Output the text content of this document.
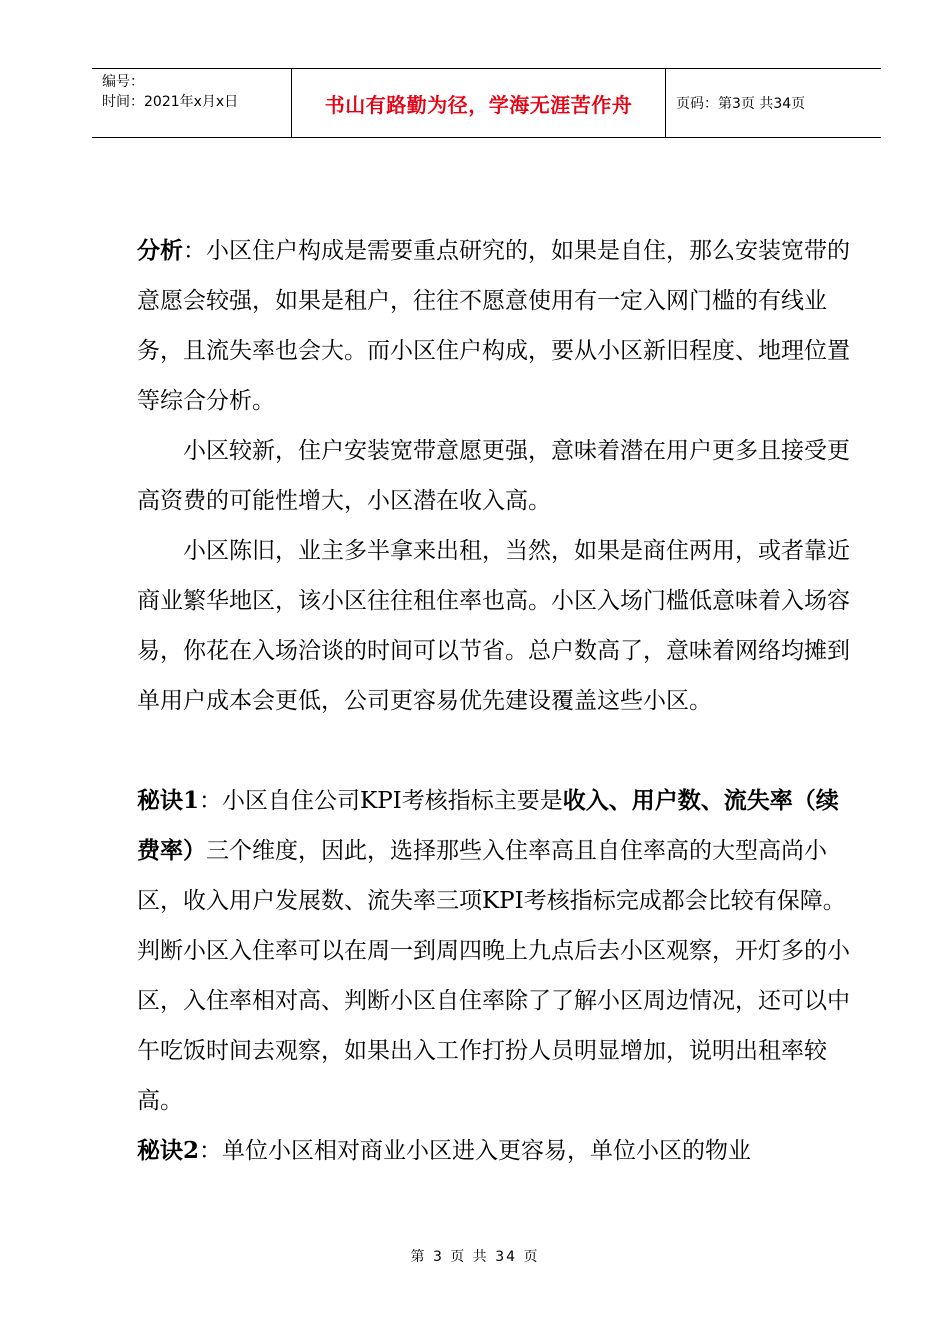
编号：
时间：2021年x月x日	书山有路勤为径，学海无涯苦作舟	页码：第3页 共34页

分析：小区住户构成是需要重点研究的，如果是自住，那么安装宽带的意愿会较强，如果是租户，往往不愿意使用有一定入网门槛的有线业务，且流失率也会大。而小区住户构成，要从小区新旧程度、地理位置等综合分析。

小区较新，住户安装宽带意愿更强，意味着潜在用户更多且接受更高资费的可能性增大，小区潜在收入高。

小区陈旧，业主多半拿来出租，当然，如果是商住两用，或者靠近商业繁华地区，该小区往往租住率也高。小区入场门槛低意味着入场容易，你花在入场洽谈的时间可以节省。总户数高了，意味着网络均摊到单用户成本会更低，公司更容易优先建设覆盖这些小区。

秘诀1：小区自住公司KPI考核指标主要是收入、用户数、流失率（续费率）三个维度，因此，选择那些入住率高且自住率高的大型高尚小区，收入用户发展数、流失率三项KPI考核指标完成都会比较有保障。判断小区入住率可以在周一到周四晚上九点后去小区观察，开灯多的小区，入住率相对高、判断小区自住率除了了解小区周边情况，还可以中午吃饭时间去观察，如果出入工作打扮人员明显增加，说明出租率较高。

秘诀2：单位小区相对商业小区进入更容易，单位小区的物业

第 3 页 共 34 页
